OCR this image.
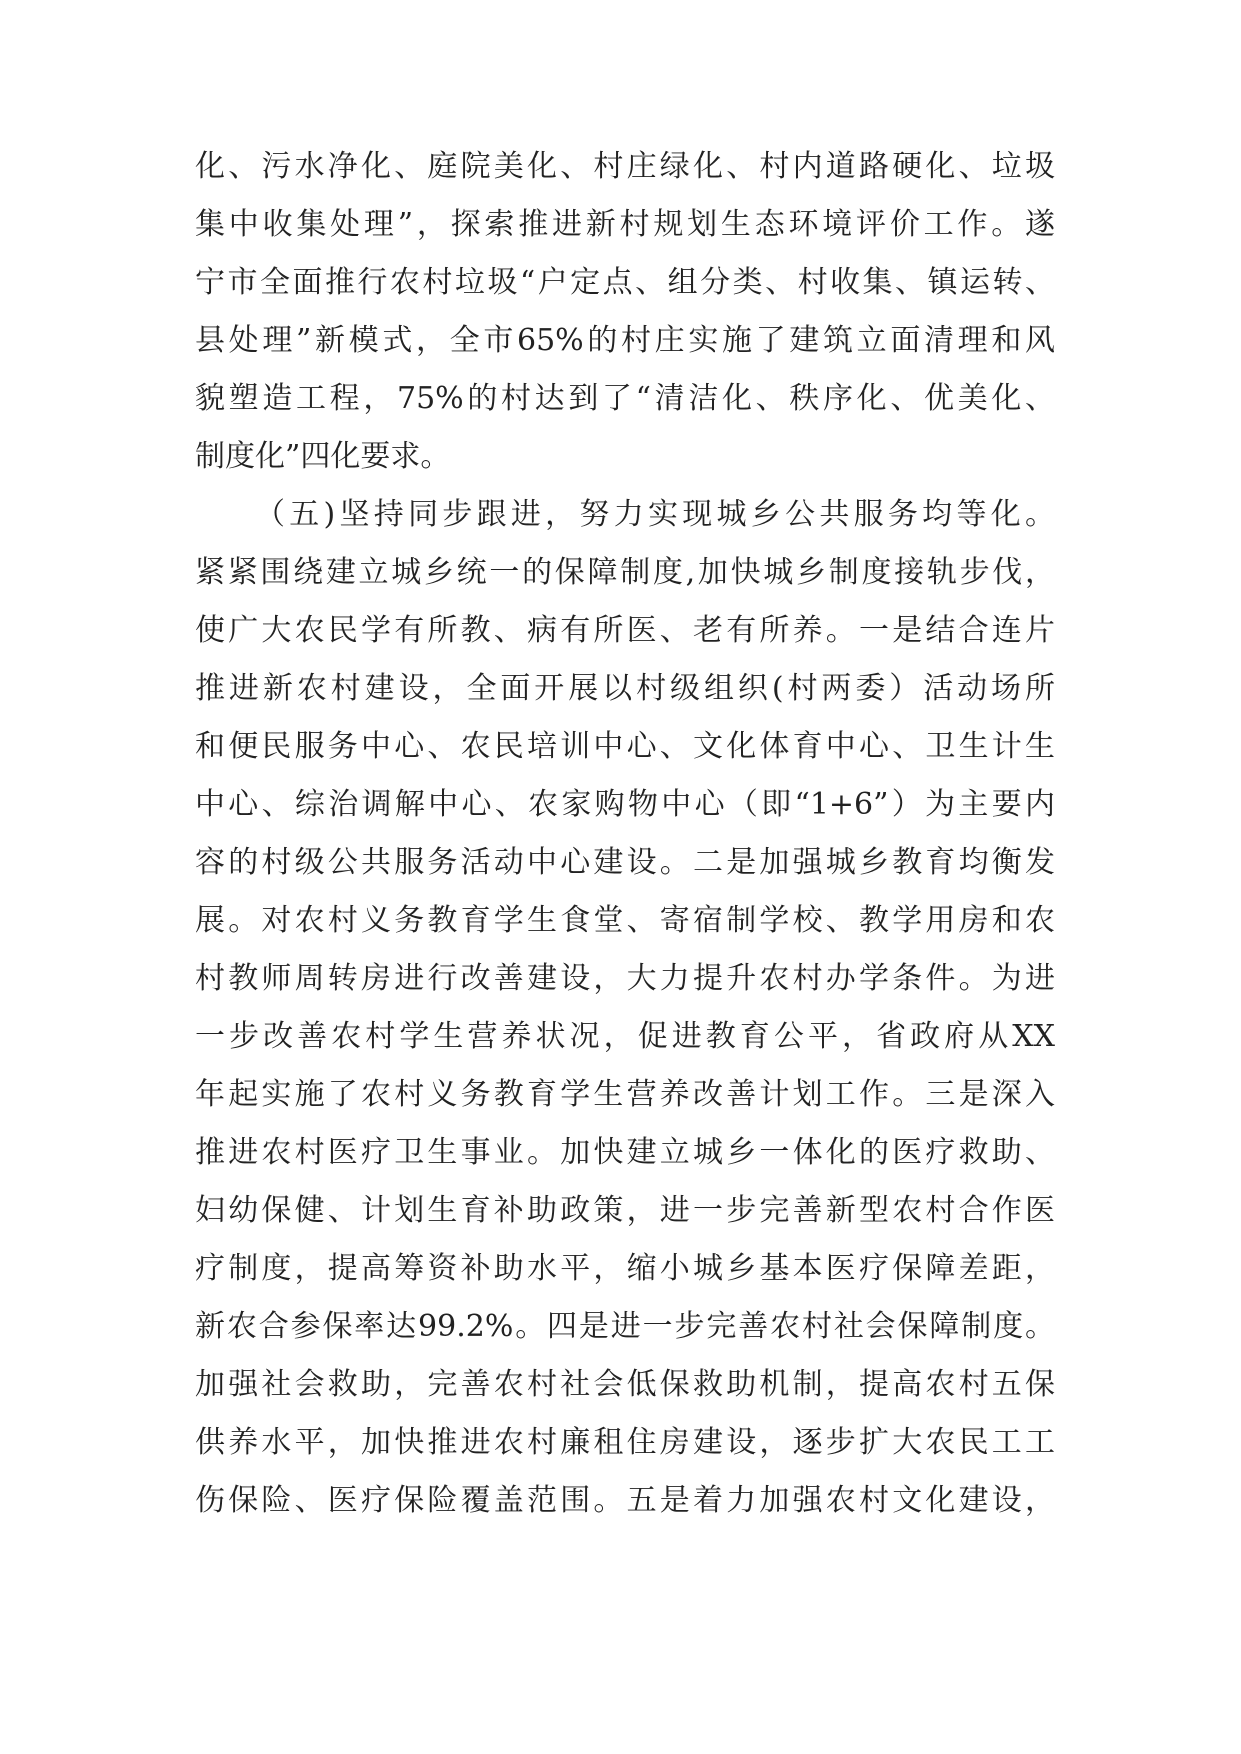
化、污水净化、庭院美化、村庄绿化、村内道路硬化、垃圾
集中收集处理”，探索推进新村规划生态环境评价工作。遂
宁市全面推行农村垃圾“户定点、组分类、村收集、镇运转、
县处理”新模式，全市65%的村庄实施了建筑立面清理和风
貌塑造工程，75%的村达到了“清洁化、秩序化、优美化、
制度化”四化要求。
（五)坚持同步跟进，努力实现城乡公共服务均等化。
紧紧围绕建立城乡统一的保障制度,加快城乡制度接轨步伐，
使广大农民学有所教、病有所医、老有所养。一是结合连片
推进新农村建设，全面开展以村级组织(村两委）活动场所
和便民服务中心、农民培训中心、文化体育中心、卫生计生
中心、综治调解中心、农家购物中心（即“1+6”）为主要内
容的村级公共服务活动中心建设。二是加强城乡教育均衡发
展。对农村义务教育学生食堂、寄宿制学校、教学用房和农
村教师周转房进行改善建设，大力提升农村办学条件。为进
一步改善农村学生营养状况，促进教育公平，省政府从XX
年起实施了农村义务教育学生营养改善计划工作。三是深入
推进农村医疗卫生事业。加快建立城乡一体化的医疗救助、
妇幼保健、计划生育补助政策，进一步完善新型农村合作医
疗制度，提高筹资补助水平，缩小城乡基本医疗保障差距，
新农合参保率达99.2%。四是进一步完善农村社会保障制度。
加强社会救助，完善农村社会低保救助机制，提高农村五保
供养水平，加快推进农村廉租住房建设，逐步扩大农民工工
伤保险、医疗保险覆盖范围。五是着力加强农村文化建设，
